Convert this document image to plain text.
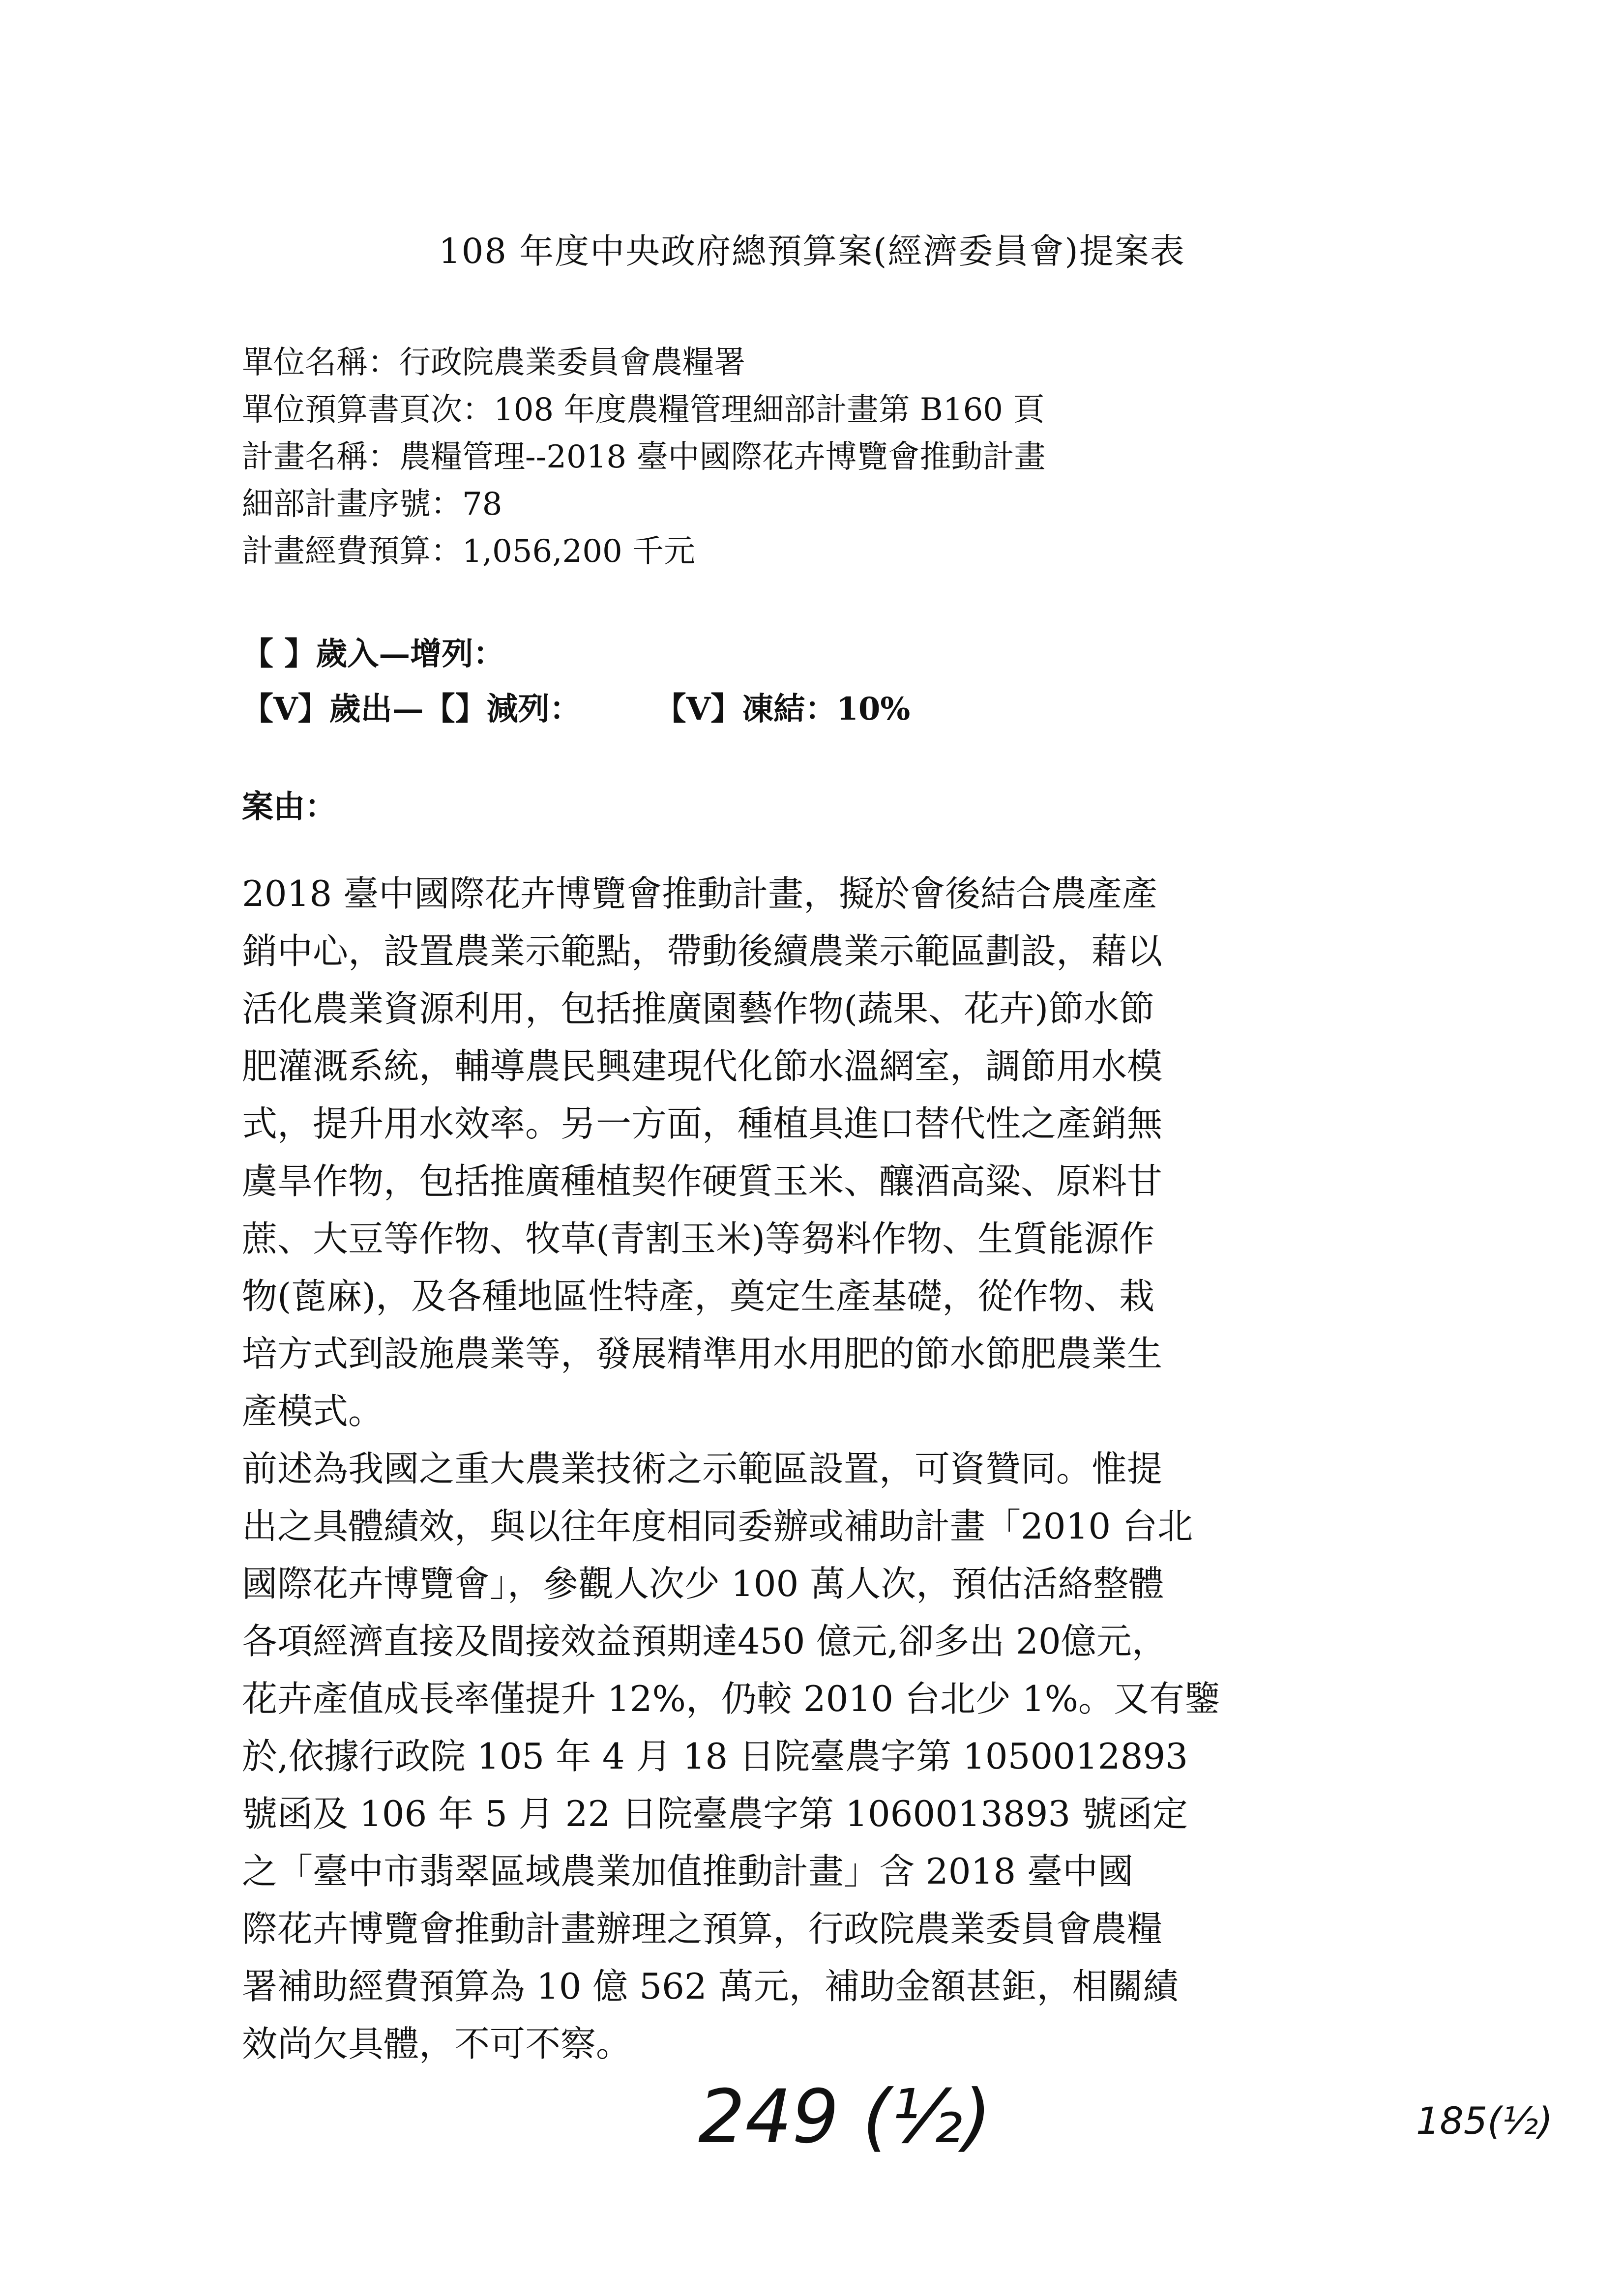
108 年度中央政府總預算案(經濟委員會)提案表
單位名稱：行政院農業委員會農糧署
單位預算書頁次：108 年度農糧管理細部計畫第 B160 頁
計畫名稱：農糧管理--2018 臺中國際花卉博覽會推動計畫
細部計畫序號：78
計畫經費預算：1,056,200 千元
【 】歲入—增列：
【V】歲出—【】減列： 【V】凍結：10%
案由：
2018 臺中國際花卉博覽會推動計畫，擬於會後結合農產產
銷中心，設置農業示範點，帶動後續農業示範區劃設，藉以
活化農業資源利用，包括推廣園藝作物(蔬果、花卉)節水節
肥灌溉系統，輔導農民興建現代化節水溫網室，調節用水模
式，提升用水效率。另一方面，種植具進口替代性之產銷無
虞旱作物，包括推廣種植契作硬質玉米、釀酒高粱、原料甘
蔗、大豆等作物、牧草(青割玉米)等芻料作物、生質能源作
物(蓖麻)，及各種地區性特產，奠定生產基礎，從作物、栽
培方式到設施農業等，發展精準用水用肥的節水節肥農業生
產模式。
前述為我國之重大農業技術之示範區設置，可資贊同。惟提
出之具體績效，與以往年度相同委辦或補助計畫「2010 台北
國際花卉博覽會」，參觀人次少 100 萬人次，預估活絡整體
各項經濟直接及間接效益預期達450 億元,卻多出 20億元，
花卉產值成長率僅提升 12%，仍較 2010 台北少 1%。又有鑒
於,依據行政院 105 年 4 月 18 日院臺農字第 1050012893
號函及 106 年 5 月 22 日院臺農字第 1060013893 號函定
之「臺中市翡翠區域農業加值推動計畫」含 2018 臺中國
際花卉博覽會推動計畫辦理之預算，行政院農業委員會農糧
署補助經費預算為 10 億 562 萬元，補助金額甚鉅，相關績
效尚欠具體，不可不察。
249 (½)	185(½)
